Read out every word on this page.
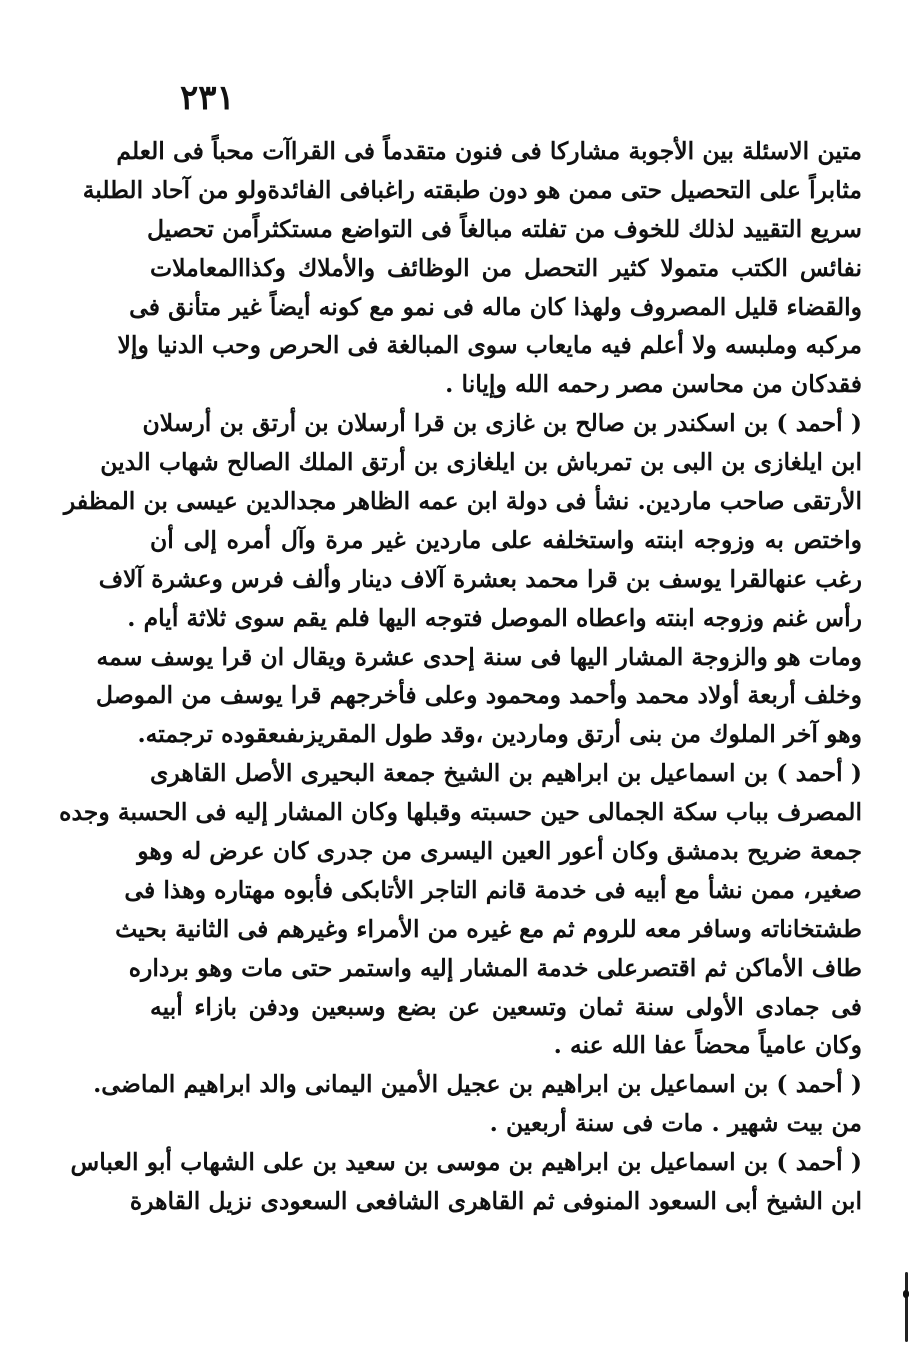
٢٣١
متين الاسئلة بين الأجوبة مشاركا فى فنون متقدماً فى القراآت محباً فى العلم
مثابراً على التحصيل حتى ممن هو دون طبقته راغبافى الفائدةولو من آحاد الطلبة
سريع التقييد لذلك للخوف من تفلته مبالغاً فى التواضع مستكثراًمن تحصيل
نفائس الكتب متمولا كثير التحصل من الوظائف والأملاك وكذاالمعاملات
والقضاء قليل المصروف ولهذا كان ماله فى نمو مع كونه أيضاً غير متأنق فى
مركبه وملبسه ولا أعلم فيه مايعاب سوى المبالغة فى الحرص وحب الدنيا وإلا
فقدكان من محاسن مصر رحمه الله وإيانا .
( أحمد ) بن اسكندر بن صالح بن غازى بن قرا أرسلان بن أرتق بن أرسلان
ابن ايلغازى بن البى بن تمرباش بن ايلغازى بن أرتق الملك الصالح شهاب الدين
الأرتقى صاحب ماردين. نشأ فى دولة ابن عمه الظاهر مجدالدين عيسى بن المظفر
واختص به وزوجه ابنته واستخلفه على ماردين غير مرة وآل أمره إلى أن
رغب عنهالقرا يوسف بن قرا محمد بعشرة آلاف دينار وألف فرس وعشرة آلاف
رأس غنم وزوجه ابنته واعطاه الموصل فتوجه اليها فلم يقم سوى ثلاثة أيام .
ومات هو والزوجة المشار اليها فى سنة إحدى عشرة ويقال ان قرا يوسف سمه
وخلف أربعة أولاد محمد وأحمد ومحمود وعلى فأخرجهم قرا يوسف من الموصل
وهو آخر الملوك من بنى أرتق وماردين ،وقد طول المقريزىفىعقوده ترجمته.
( أحمد ) بن اسماعيل بن ابراهيم بن الشيخ جمعة البحيرى الأصل القاهرى
المصرف بباب سكة الجمالى حين حسبته وقبلها وكان المشار إليه فى الحسبة وجده
جمعة ضريح بدمشق وكان أعور العين اليسرى من جدرى كان عرض له وهو
صغير، ممن نشأ مع أبيه فى خدمة قانم التاجر الأتابكى فأبوه مهتاره وهذا فى
طشتخاناته وسافر معه للروم ثم مع غيره من الأمراء وغيرهم فى الثانية بحيث
طاف الأماكن ثم اقتصرعلى خدمة المشار إليه واستمر حتى مات وهو برداره
فى جمادى الأولى سنة ثمان وتسعين عن بضع وسبعين ودفن بازاء أبيه
وكان عامياً محضاً عفا الله عنه .
( أحمد ) بن اسماعيل بن ابراهيم بن عجيل الأمين اليمانى والد ابراهيم الماضى.
من بيت شهير . مات فى سنة أربعين .
( أحمد ) بن اسماعيل بن ابراهيم بن موسى بن سعيد بن على الشهاب أبو العباس
ابن الشيخ أبى السعود المنوفى ثم القاهرى الشافعى السعودى نزيل القاهرة
